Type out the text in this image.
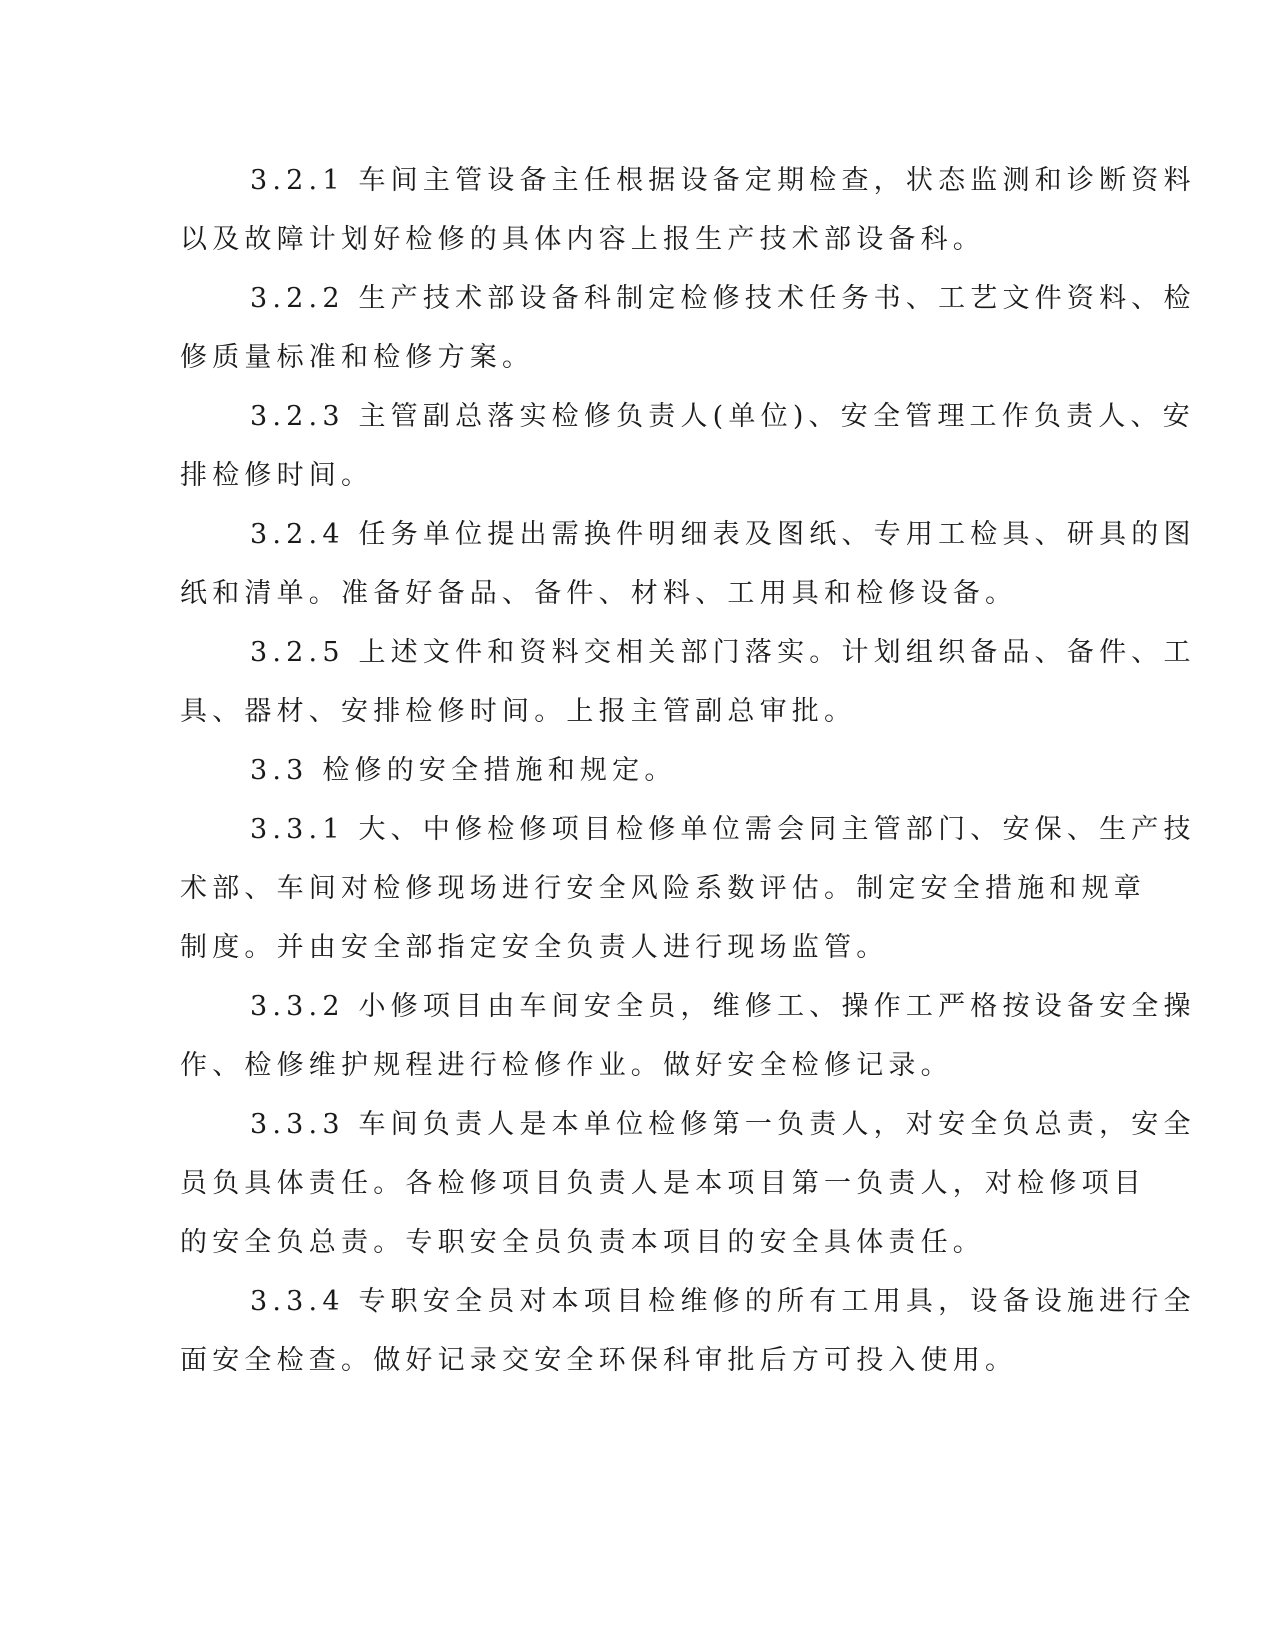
3.2.1 车间主管设备主任根据设备定期检查，状态监测和诊断资料
以及故障计划好检修的具体内容上报生产技术部设备科。
3.2.2 生产技术部设备科制定检修技术任务书、工艺文件资料、检
修质量标准和检修方案。
3.2.3 主管副总落实检修负责人(单位)、安全管理工作负责人、安
排检修时间。
3.2.4 任务单位提出需换件明细表及图纸、专用工检具、研具的图
纸和清单。准备好备品、备件、材料、工用具和检修设备。
3.2.5 上述文件和资料交相关部门落实。计划组织备品、备件、工
具、器材、安排检修时间。上报主管副总审批。
3.3 检修的安全措施和规定。
3.3.1 大、中修检修项目检修单位需会同主管部门、安保、生产技
术部、车间对检修现场进行安全风险系数评估。制定安全措施和规章
制度。并由安全部指定安全负责人进行现场监管。
3.3.2 小修项目由车间安全员，维修工、操作工严格按设备安全操
作、检修维护规程进行检修作业。做好安全检修记录。
3.3.3 车间负责人是本单位检修第一负责人，对安全负总责，安全
员负具体责任。各检修项目负责人是本项目第一负责人，对检修项目
的安全负总责。专职安全员负责本项目的安全具体责任。
3.3.4 专职安全员对本项目检维修的所有工用具，设备设施进行全
面安全检查。做好记录交安全环保科审批后方可投入使用。
